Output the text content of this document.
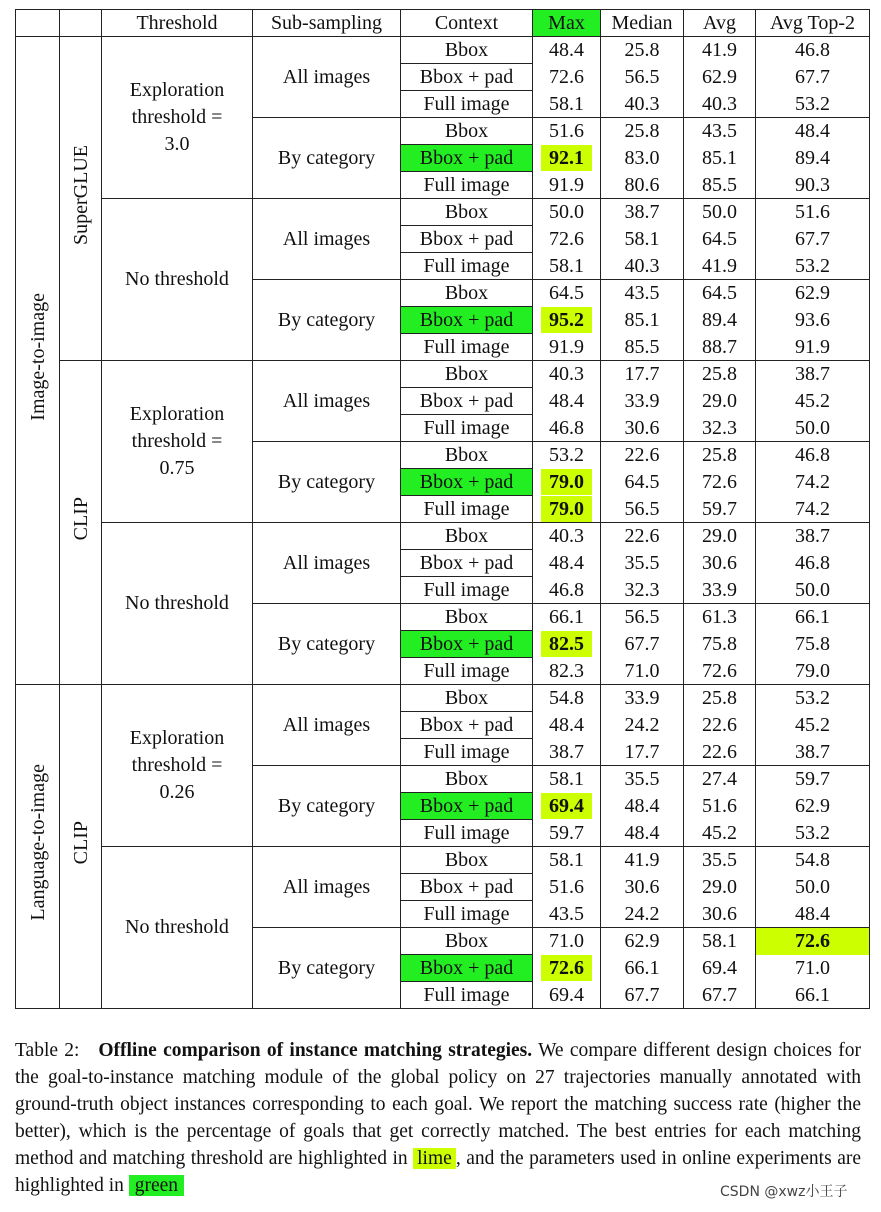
		Threshold	Sub-sampling	Context	Max	Median	Avg	Avg Top-2
Image-to-image	SuperGLUE	Exploration threshold = 3.0	All images	Bbox	48.4	25.8	41.9	46.8
				Bbox + pad	72.6	56.5	62.9	67.7
				Full image	58.1	40.3	40.3	53.2
			By category	Bbox	51.6	25.8	43.5	48.4
				Bbox + pad	92.1	83.0	85.1	89.4
				Full image	91.9	80.6	85.5	90.3
		No threshold	All images	Bbox	50.0	38.7	50.0	51.6
				Bbox + pad	72.6	58.1	64.5	67.7
				Full image	58.1	40.3	41.9	53.2
			By category	Bbox	64.5	43.5	64.5	62.9
				Bbox + pad	95.2	85.1	89.4	93.6
				Full image	91.9	85.5	88.7	91.9
	CLIP	Exploration threshold = 0.75	All images	Bbox	40.3	17.7	25.8	38.7
				Bbox + pad	48.4	33.9	29.0	45.2
				Full image	46.8	30.6	32.3	50.0
			By category	Bbox	53.2	22.6	25.8	46.8
				Bbox + pad	79.0	64.5	72.6	74.2
				Full image	79.0	56.5	59.7	74.2
		No threshold	All images	Bbox	40.3	22.6	29.0	38.7
				Bbox + pad	48.4	35.5	30.6	46.8
				Full image	46.8	32.3	33.9	50.0
			By category	Bbox	66.1	56.5	61.3	66.1
				Bbox + pad	82.5	67.7	75.8	75.8
				Full image	82.3	71.0	72.6	79.0
Language-to-image	CLIP	Exploration threshold = 0.26	All images	Bbox	54.8	33.9	25.8	53.2
				Bbox + pad	48.4	24.2	22.6	45.2
				Full image	38.7	17.7	22.6	38.7
			By category	Bbox	58.1	35.5	27.4	59.7
				Bbox + pad	69.4	48.4	51.6	62.9
				Full image	59.7	48.4	45.2	53.2
		No threshold	All images	Bbox	58.1	41.9	35.5	54.8
				Bbox + pad	51.6	30.6	29.0	50.0
				Full image	43.5	24.2	30.6	48.4
			By category	Bbox	71.0	62.9	58.1	72.6
				Bbox + pad	72.6	66.1	69.4	71.0
				Full image	69.4	67.7	67.7	66.1
Table 2: Offline comparison of instance matching strategies. We compare different design choices for the goal-to-instance matching module of the global policy on 27 trajectories manually annotated with ground-truth object instances corresponding to each goal. We report the matching success rate (higher the better), which is the percentage of goals that get correctly matched. The best entries for each matching method and matching threshold are highlighted in lime , and the parameters used in online experiments are highlighted in green	CSDN @xwz小王子
